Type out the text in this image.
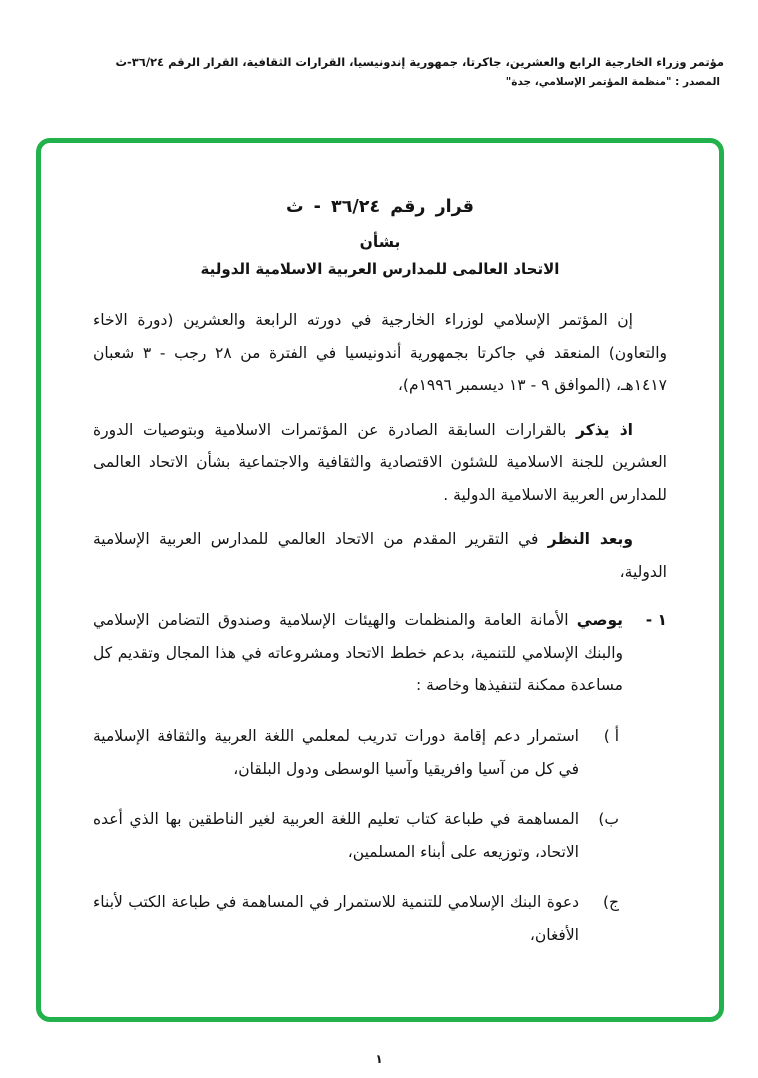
مؤتمر وزراء الخارجية الرابع والعشرين، جاكرتا، جمهورية إندونيسيا، القرارات الثقافية، القرار الرقم ٣٦/٢٤-ث
المصدر : "منظمة المؤتمر الإسلامي، جدة"
قرار رقم ٣٦/٢٤ - ث
بشأن
الاتحاد العالمى للمدارس العربية الاسلامية الدولية

إن المؤتمر الإسلامي لوزراء الخارجية في دورته الرابعة والعشرين (دورة الاخاء والتعاون) المنعقد في جاكرتا بجمهورية أندونيسيا في الفترة من ٢٨ رجب - ٣ شعبان ١٤١٧هـ، (الموافق ٩ - ١٣ ديسمبر ١٩٩٦م)،

اذ يذكر بالقرارات السابقة الصادرة عن المؤتمرات الاسلامية وبتوصيات الدورة العشرين للجنة الاسلامية للشئون الاقتصادية والثقافية والاجتماعية بشأن الاتحاد العالمى للمدارس العربية الاسلامية الدولية .

وبعد النظر في التقرير المقدم من الاتحاد العالمي للمدارس العربية الإسلامية الدولية،

١ -
يوصي الأمانة العامة والمنظمات والهيئات الإسلامية وصندوق التضامن الإسلامي والبنك الإسلامي للتنمية، بدعم خطط الاتحاد ومشروعاته في هذا المجال وتقديم كل مساعدة ممكنة لتنفيذها وخاصة :
أ )
استمرار دعم إقامة دورات تدريب لمعلمي اللغة العربية والثقافة الإسلامية في كل من آسيا وافريقيا وآسيا الوسطى ودول البلقان،
ب)
المساهمة في طباعة كتاب تعليم اللغة العربية لغير الناطقين بها الذي أعده الاتحاد، وتوزيعه على أبناء المسلمين،
ج)
دعوة البنك الإسلامي للتنمية للاستمرار في المساهمة في طباعة الكتب لأبناء الأفغان،
١
